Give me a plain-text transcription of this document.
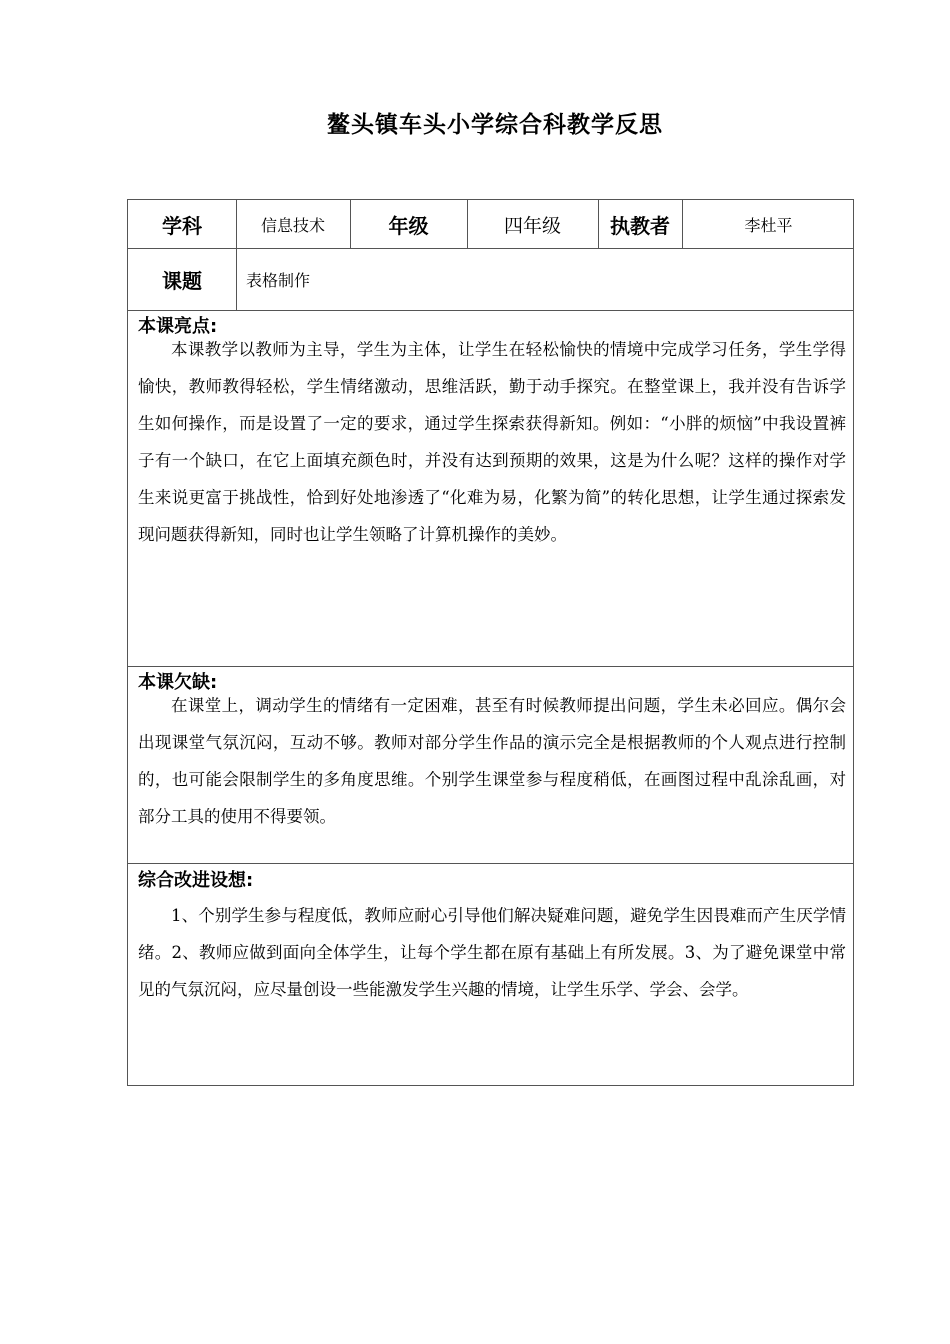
鳌头镇车头小学综合科教学反思
学科	信息技术	年级	四年级	执教者	李杜平
课题	表格制作
本课亮点:

本课教学以教师为主导，学生为主体，让学生在轻松愉快的情境中完成学习任务，学生学得愉快，教师教得轻松，学生情绪激动，思维活跃，勤于动手探究。在整堂课上，我并没有告诉学生如何操作，而是设置了一定的要求，通过学生探索获得新知。例如：“小胖的烦恼”中我设置裤子有一个缺口，在它上面填充颜色时，并没有达到预期的效果，这是为什么呢？这样的操作对学生来说更富于挑战性，恰到好处地渗透了“化难为易，化繁为简”的转化思想，让学生通过探索发现问题获得新知，同时也让学生领略了计算机操作的美妙。

本课欠缺:

在课堂上，调动学生的情绪有一定困难，甚至有时候教师提出问题，学生未必回应。偶尔会出现课堂气氛沉闷，互动不够。教师对部分学生作品的演示完全是根据教师的个人观点进行控制的，也可能会限制学生的多角度思维。个别学生课堂参与程度稍低，在画图过程中乱涂乱画，对部分工具的使用不得要领。

综合改进设想:

1、个别学生参与程度低，教师应耐心引导他们解决疑难问题，避免学生因畏难而产生厌学情绪。2、教师应做到面向全体学生，让每个学生都在原有基础上有所发展。3、为了避免课堂中常见的气氛沉闷，应尽量创设一些能激发学生兴趣的情境，让学生乐学、学会、会学。
